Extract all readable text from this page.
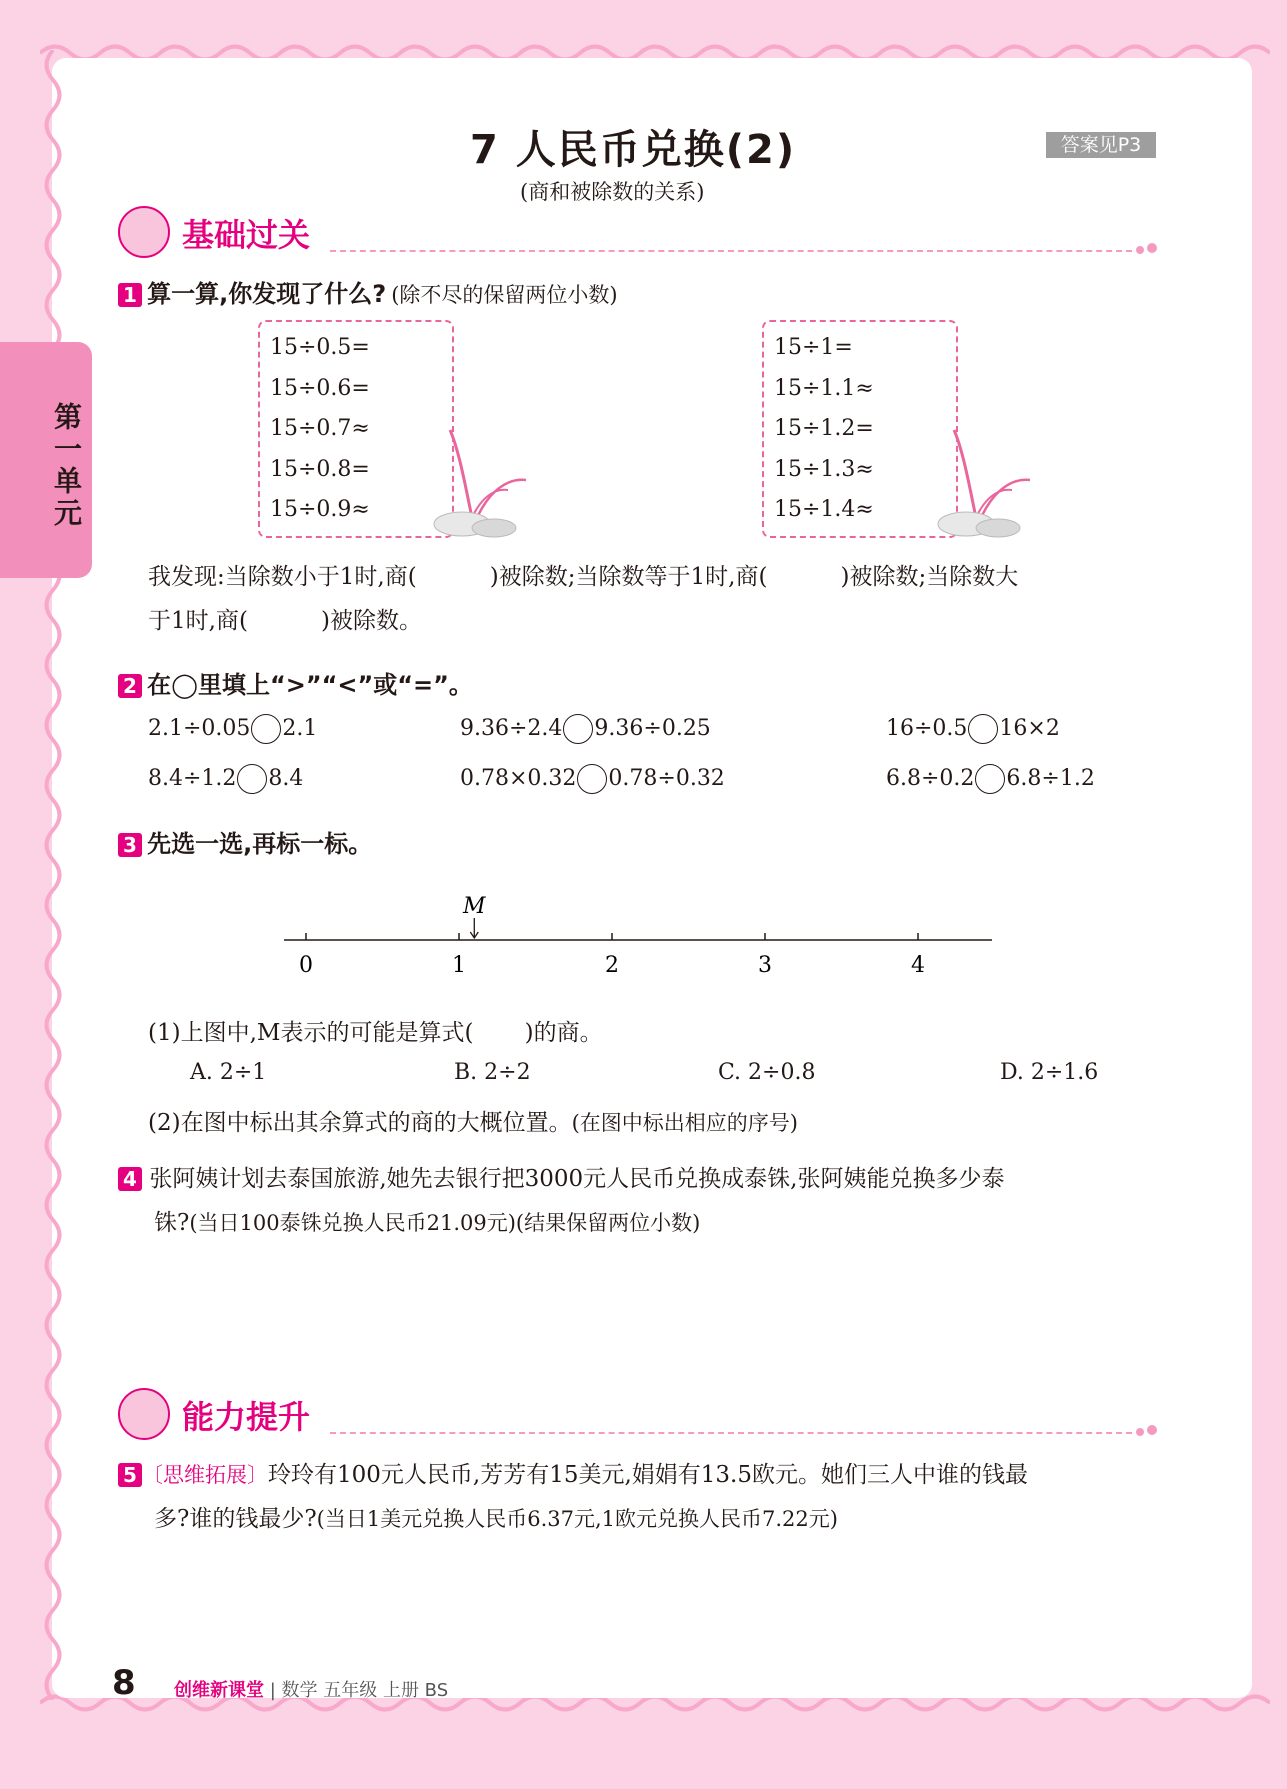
第一单元
7 人民币兑换(2)
(商和被除数的关系)
答案见P3
基础过关
1 算一算,你发现了什么? (除不尽的保留两位小数)
15÷0.5=
15÷0.6=
15÷0.7≈
15÷0.8=
15÷0.9≈
15÷1=
15÷1.1≈
15÷1.2=
15÷1.3≈
15÷1.4≈
我发现:当除数小于1时,商(          )被除数;当除数等于1时,商(          )被除数;当除数大
于1时,商(          )被除数。
2 在◯里填上“>”“<”或“=”。
2.1÷0.05 2.1	9.36÷2.4 9.36÷0.25	16÷0.5 16×2
8.4÷1.2 8.4	0.78×0.32 0.78÷0.32	6.8÷0.2 6.8÷1.2
3 先选一选,再标一标。
0	1	2	3	4
M
(1)上图中,M表示的可能是算式(       )的商。
A. 2÷1	B. 2÷2	C. 2÷0.8	D. 2÷1.6
(2)在图中标出其余算式的商的大概位置。(在图中标出相应的序号)
4 张阿姨计划去泰国旅游,她先去银行把3000元人民币兑换成泰铢,张阿姨能兑换多少泰
铢?(当日100泰铢兑换人民币21.09元)(结果保留两位小数)
能力提升
5 〔思维拓展〕玲玲有100元人民币,芳芳有15美元,娟娟有13.5欧元。她们三人中谁的钱最
多?谁的钱最少?(当日1美元兑换人民币6.37元,1欧元兑换人民币7.22元)
8 创维新课堂 | 数学 五年级 上册 BS
